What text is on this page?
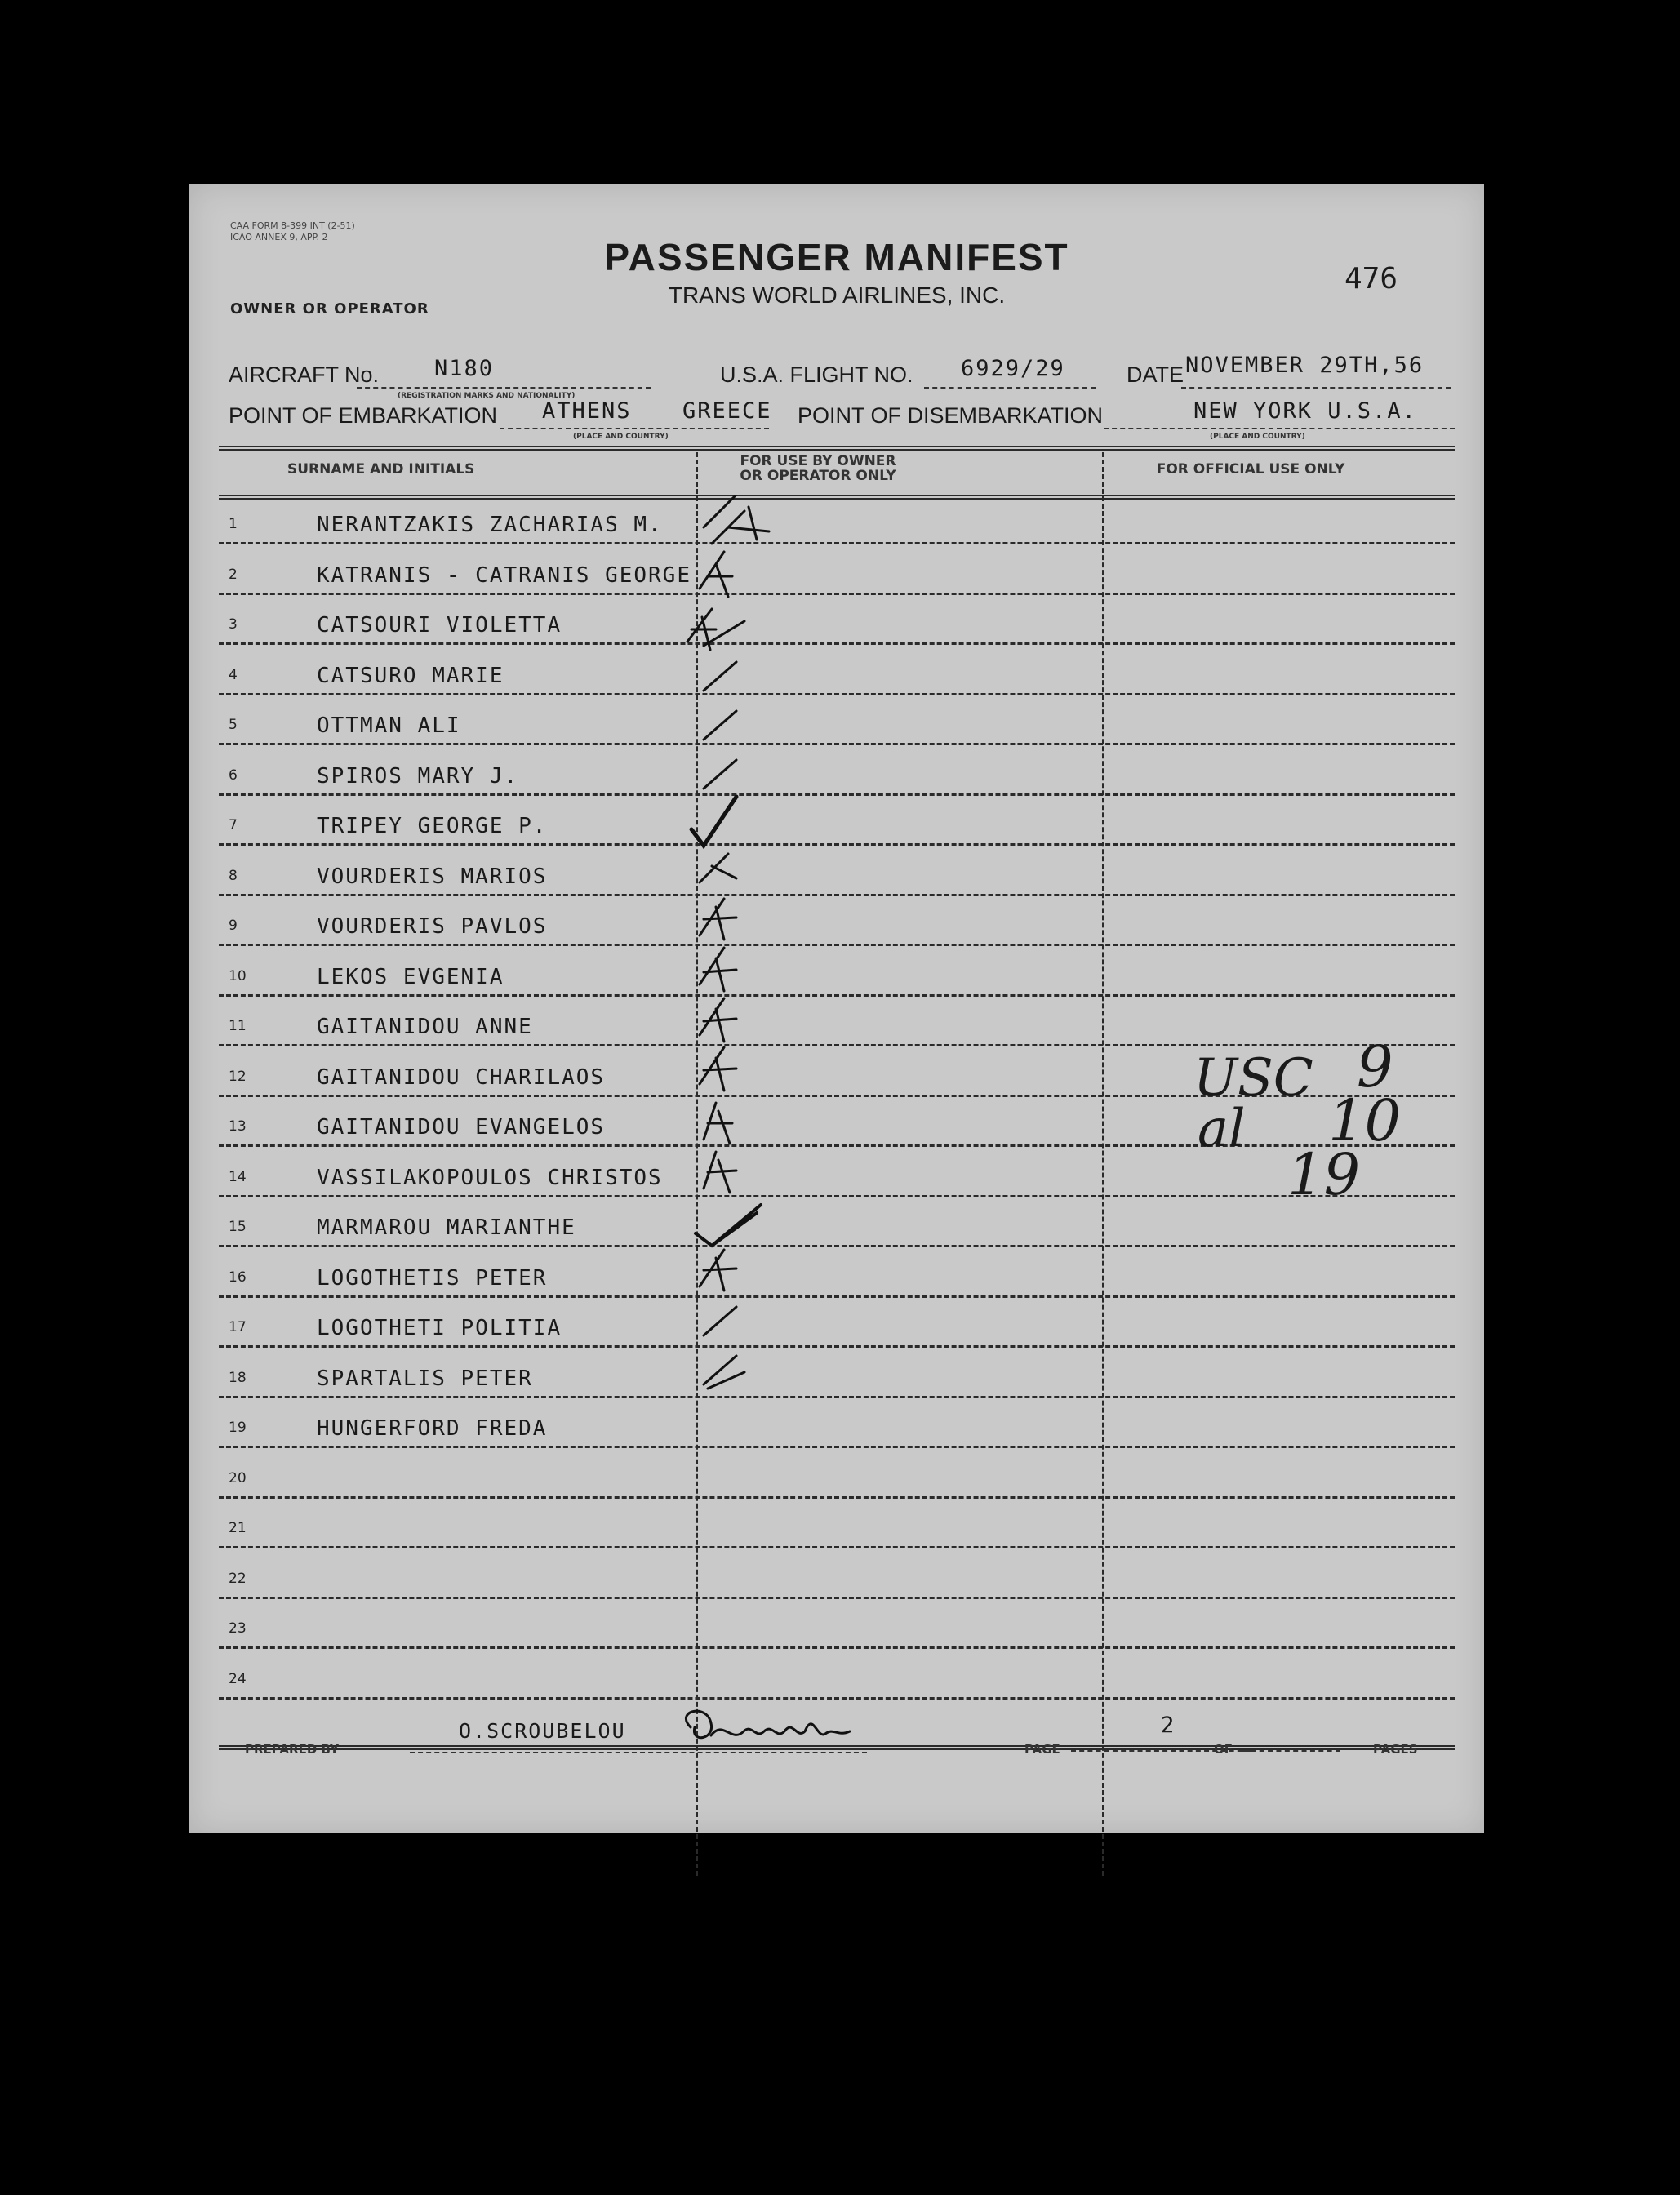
CAA FORM 8-399 INT (2-51)
ICAO ANNEX 9, APP. 2
OWNER OR OPERATOR
PASSENGER MANIFEST
TRANS WORLD AIRLINES, INC.	476
AIRCRAFT No.	N180
(REGISTRATION MARKS AND NATIONALITY)
U.S.A. FLIGHT NO. 6929/29	DATE NOVEMBER 29TH,56
POINT OF EMBARKATION ATHENS GREECE
(PLACE AND COUNTRY)
POINT OF DISEMBARKATION	NEW YORK U.S.A.
(PLACE AND COUNTRY)
SURNAME AND INITIALS	FOR USE BY OWNER
OR OPERATOR ONLY	FOR OFFICIAL USE ONLY
1	NERANTZAKIS ZACHARIAS M.
2	KATRANIS - CATRANIS GEORGE
3	CATSOURI VIOLETTA
4	CATSURO MARIE
5	OTTMAN ALI
6	SPIROS MARY J.
7	TRIPEY GEORGE P.
8	VOURDERIS MARIOS
9	VOURDERIS PAVLOS
10	LEKOS EVGENIA
11	GAITANIDOU ANNE
12	GAITANIDOU CHARILAOS
13	GAITANIDOU EVANGELOS
14	VASSILAKOPOULOS CHRISTOS
15	MARMAROU MARIANTHE
16	LOGOTHETIS PETER
17	LOGOTHETI POLITIA
18	SPARTALIS PETER
19	HUNGERFORD FREDA
20
21
22
23
24
USC 9
al 10
19
PREPARED BY
O.SCROUBELOU
PAGE
2
OF	PAGES
